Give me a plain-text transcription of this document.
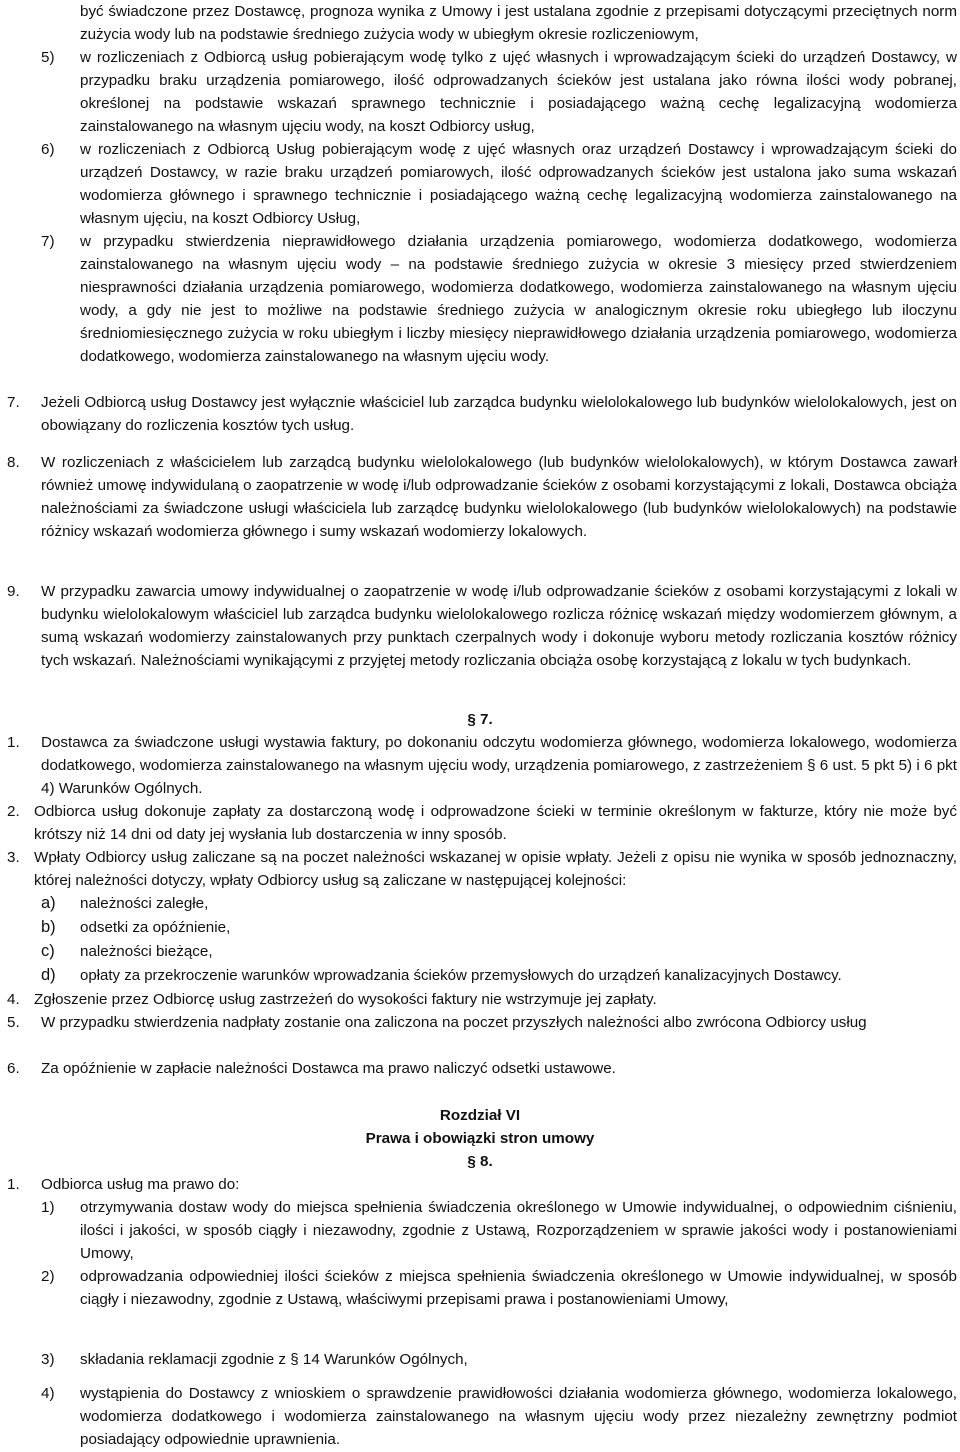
być świadczone przez Dostawcę, prognoza wynika z Umowy i jest ustalana zgodnie z przepisami dotyczącymi przeciętnych norm zużycia wody lub na podstawie średniego zużycia wody w ubiegłym okresie rozliczeniowym,
5) w rozliczeniach z Odbiorcą usług pobierającym wodę tylko z ujęć własnych i wprowadzającym ścieki do urządzeń Dostawcy, w przypadku braku urządzenia pomiarowego, ilość odprowadzanych ścieków jest ustalana jako równa ilości wody pobranej, określonej na podstawie wskazań sprawnego technicznie i posiadającego ważną cechę legalizacyjną wodomierza zainstalowanego na własnym ujęciu wody, na koszt Odbiorcy usług,
6) w rozliczeniach z Odbiorcą Usług pobierającym wodę z ujęć własnych oraz urządzeń Dostawcy i wprowadzającym ścieki do urządzeń Dostawcy, w razie braku urządzeń pomiarowych, ilość odprowadzanych ścieków jest ustalona jako suma wskazań wodomierza głównego i sprawnego technicznie i posiadającego ważną cechę legalizacyjną wodomierza zainstalowanego na własnym ujęciu, na koszt Odbiorcy Usług,
7) w przypadku stwierdzenia nieprawidłowego działania urządzenia pomiarowego, wodomierza dodatkowego, wodomierza zainstalowanego na własnym ujęciu wody – na podstawie średniego zużycia w okresie 3 miesięcy przed stwierdzeniem niesprawności działania urządzenia pomiarowego, wodomierza dodatkowego, wodomierza zainstalowanego na własnym ujęciu wody, a gdy nie jest to możliwe na podstawie średniego zużycia w analogicznym okresie roku ubiegłego lub iloczynu średniomiesięcznego zużycia w roku ubiegłym i liczby miesięcy nieprawidłowego działania urządzenia pomiarowego, wodomierza dodatkowego, wodomierza zainstalowanego na własnym ujęciu wody.
7. Jeżeli Odbiorcą usług Dostawcy jest wyłącznie właściciel lub zarządca budynku wielolokalowego lub budynków wielolokalowych, jest on obowiązany do rozliczenia kosztów tych usług.
8. W rozliczeniach z właścicielem lub zarządcą budynku wielolokalowego (lub budynków wielolokalowych), w którym Dostawca zawarł również umowę indywidulaną o zaopatrzenie w wodę i/lub odprowadzanie ścieków z osobami korzystającymi z lokali, Dostawca obciąża należnościami za świadczone usługi właściciela lub zarządcę budynku wielolokalowego (lub budynków wielolokalowych) na podstawie różnicy wskazań wodomierza głównego i sumy wskazań wodomierzy lokalowych.
9. W przypadku zawarcia umowy indywidualnej o zaopatrzenie w wodę i/lub odprowadzanie ścieków z osobami korzystającymi z lokali w budynku wielolokalowym właściciel lub zarządca budynku wielolokalowego rozlicza różnicę wskazań między wodomierzem głównym, a sumą wskazań wodomierzy zainstalowanych przy punktach czerpalnych wody i dokonuje wyboru metody rozliczania kosztów różnicy tych wskazań. Należnościami wynikającymi z przyjętej metody rozliczania obciąża osobę korzystającą z lokalu w tych budynkach.
§ 7.
1. Dostawca za świadczone usługi wystawia faktury, po dokonaniu odczytu wodomierza głównego, wodomierza lokalowego, wodomierza dodatkowego, wodomierza zainstalowanego na własnym ujęciu wody, urządzenia pomiarowego, z zastrzeżeniem § 6 ust. 5 pkt 5) i 6 pkt 4) Warunków Ogólnych.
2. Odbiorca usług dokonuje zapłaty za dostarczoną wodę i odprowadzone ścieki w terminie określonym w fakturze, który nie może być krótszy niż 14 dni od daty jej wysłania lub dostarczenia w inny sposób.
3. Wpłaty Odbiorcy usług zaliczane są na poczet należności wskazanej w opisie wpłaty. Jeżeli z opisu nie wynika w sposób jednoznaczny, której należności dotyczy, wpłaty Odbiorcy usług są zaliczane w następującej kolejności:
a) należności zaległe,
b) odsetki za opóźnienie,
c) należności bieżące,
d) opłaty za przekroczenie warunków wprowadzania ścieków przemysłowych do urządzeń kanalizacyjnych Dostawcy.
4. Zgłoszenie przez Odbiorcę usług zastrzeżeń do wysokości faktury nie wstrzymuje jej zapłaty.
5. W przypadku stwierdzenia nadpłaty zostanie ona zaliczona na poczet przyszłych należności albo zwrócona Odbiorcy usług
6. Za opóźnienie w zapłacie należności Dostawca ma prawo naliczyć odsetki ustawowe.
Rozdział VI
Prawa i obowiązki stron umowy
§ 8.
1. Odbiorca usług ma prawo do:
1) otrzymywania dostaw wody do miejsca spełnienia świadczenia określonego w Umowie indywidualnej, o odpowiednim ciśnieniu, ilości i jakości, w sposób ciągły i niezawodny, zgodnie z Ustawą, Rozporządzeniem w sprawie jakości wody i postanowieniami Umowy,
2) odprowadzania odpowiedniej ilości ścieków z miejsca spełnienia świadczenia określonego w Umowie indywidualnej, w sposób ciągły i niezawodny, zgodnie z Ustawą, właściwymi przepisami prawa i postanowieniami Umowy,
3) składania reklamacji zgodnie z § 14 Warunków Ogólnych,
4) wystąpienia do Dostawcy z wnioskiem o sprawdzenie prawidłowości działania wodomierza głównego, wodomierza lokalowego, wodomierza dodatkowego i wodomierza zainstalowanego na własnym ujęciu wody przez niezależny zewnętrzny podmiot posiadający odpowiednie uprawnienia.
